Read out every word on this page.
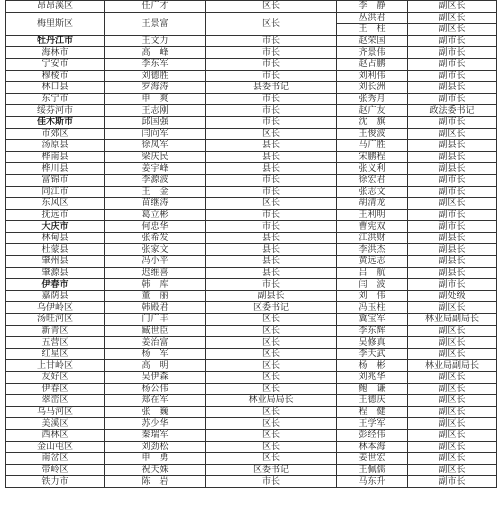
昂昂溪区	任广才	区长	李　静	副区长
梅里斯区	王景富	区长	丛洪君	副区长
			王　柱	副区长
牡丹江市	王文力	市长	赵荣国	副市长
海林市	高　峰	市长	齐景伟	副市长
宁安市	李东军	市长	赵占鹏	副市长
穆棱市	刘德胜	市长	刘利伟	副市长
林口县	罗海涛	县委书记	刘长洲	副县长
东宁市	申　爽	市长	张秀月	副市长
绥芬河市	王志刚	市长	赵广友	政法委书记
佳木斯市	邱国强	市长	沈　旗	副市长
市郊区	闫向军	区长	王俊波	副区长
汤原县	徐凤军	县长	马广胜	副县长
桦南县	梁庆民	县长	宋鹏程	副县长
桦川县	姜宇峰	县长	张义利	副县长
富锦市	李源波	市长	徐宏君	副市长
同江市	王　金	市长	张志文	副市长
东风区	苗继涛	区长	胡清龙	副区长
抚远市	葛立彬	市长	王利明	副市长
大庆市	何忠华	市长	曹宪双	副市长
林甸县	张希发	县长	江洪财	副县长
杜蒙县	张家文	县长	李洪杰	副县长
肇州县	冯小平	县长	黄远志	副县长
肇源县	迟维喜	县长	吕　航	副县长
伊春市	韩　库	市长	闫　波	副市长
嘉荫县	董　丽	副县长	刘　伟	副处级
乌伊岭区	韩殿君	区委书记	冯玉柱	副区长
汤旺河区	门广丰	区长	冀宝军	林业局副局长
新青区	臧世臣	区长	李东辉	副区长
五营区	姜治富	区长	吴修真	副区长
红星区	杨　军	区长	李天武	副区长
上甘岭区	高　明	区长	杨　彬	林业局副局长
友好区	吴伊森	区长	刘兆华	副区长
伊春区	杨公伟	区长	鲍　谦	副区长
翠峦区	郑在军	林业局局长	王德庆	副区长
乌马河区	张　巍	区长	程　健	副区长
美溪区	苏少华	区长	王学军	副区长
西林区	秦瑞军	区长	彭经伟	副区长
金山屯区	刘劲松	区长	林本海	副区长
南岔区	申　勇	区长	姜世宏	副区长
带岭区	祝天姝	区委书记	王佩儒	副区长
铁力市	陈　岩	市长	马东升	副市长
